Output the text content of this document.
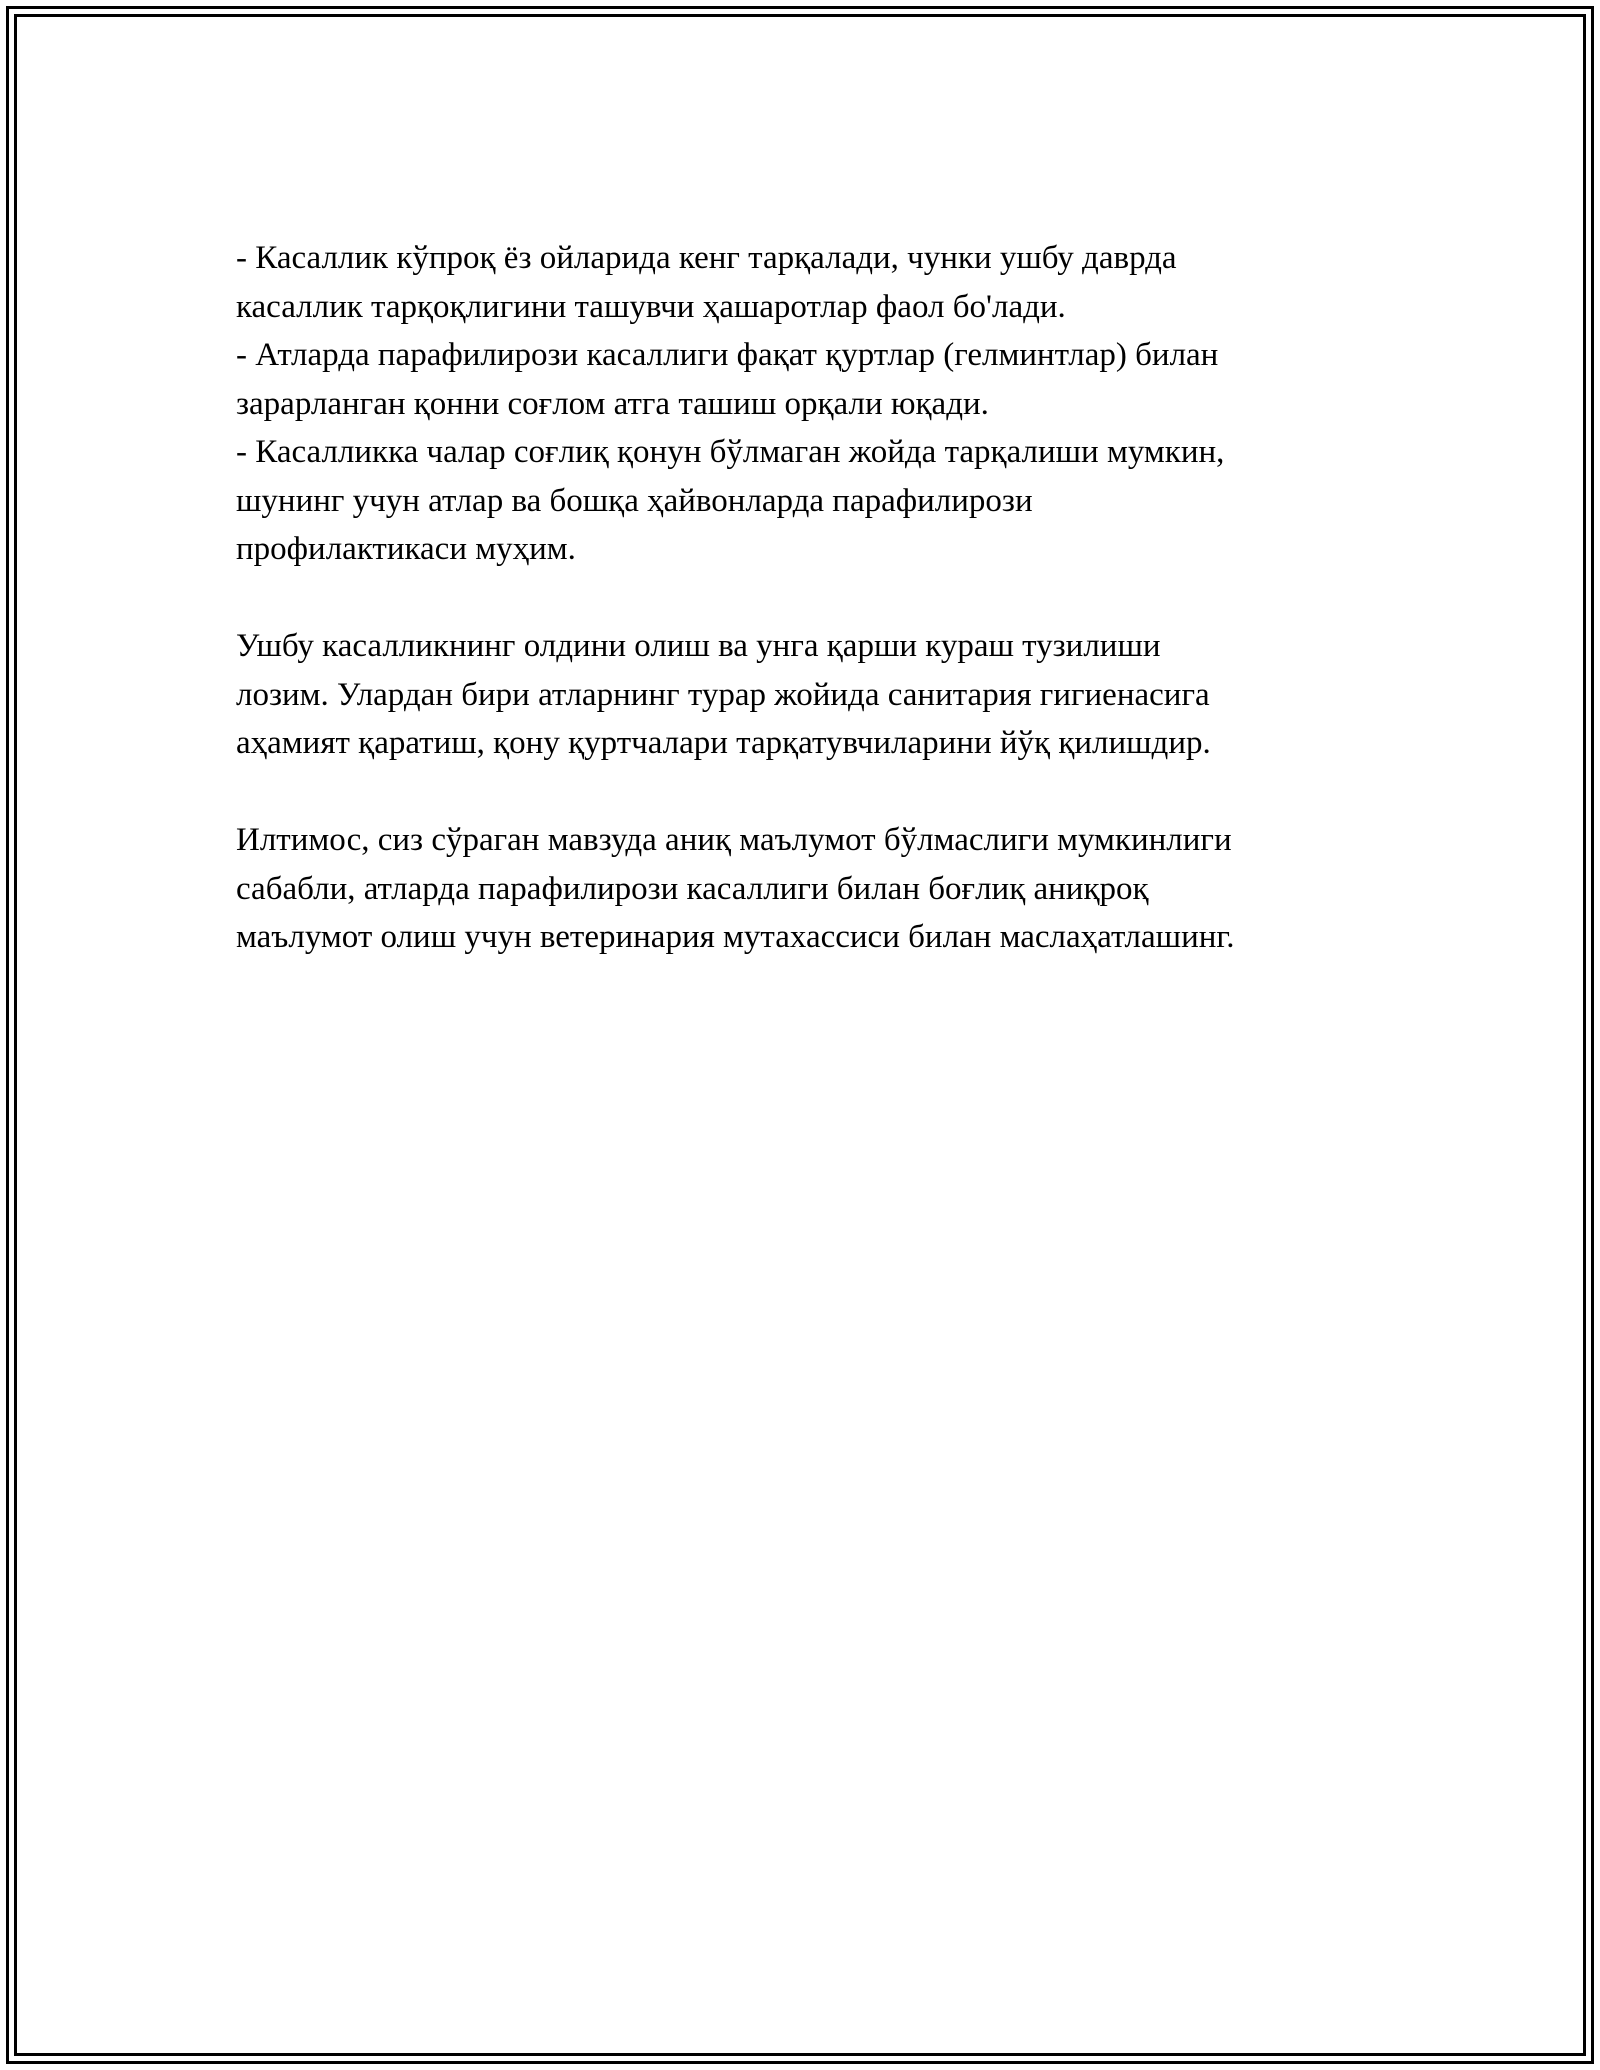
- Касаллик кўпроқ ёз ойларида кенг тарқалади, чунки ушбу даврда
касаллик тарқоқлигини ташувчи ҳашаротлар фаол бо'лади.
- Атларда парафилирози касаллиги фақат қуртлар (гелминтлар) билан
зарарланган қонни соғлом атга ташиш орқали юқади.
- Касалликка чалар соғлиқ қонун бўлмаган жойда тарқалиши мумкин,
шунинг учун атлар ва бошқа ҳайвонларда парафилирози
профилактикаси муҳим.
Ушбу касалликнинг олдини олиш ва унга қарши кураш тузилиши
лозим. Улардан бири атларнинг турар жойида санитария гигиенасига
аҳамият қаратиш, қону қуртчалари тарқатувчиларини йўқ қилишдир.
Илтимос, сиз сўраган мавзуда аниқ маълумот бўлмаслиги мумкинлиги
сабабли, атларда парафилирози касаллиги билан боғлиқ аниқроқ
маълумот олиш учун ветеринария мутахассиси билан маслаҳатлашинг.
